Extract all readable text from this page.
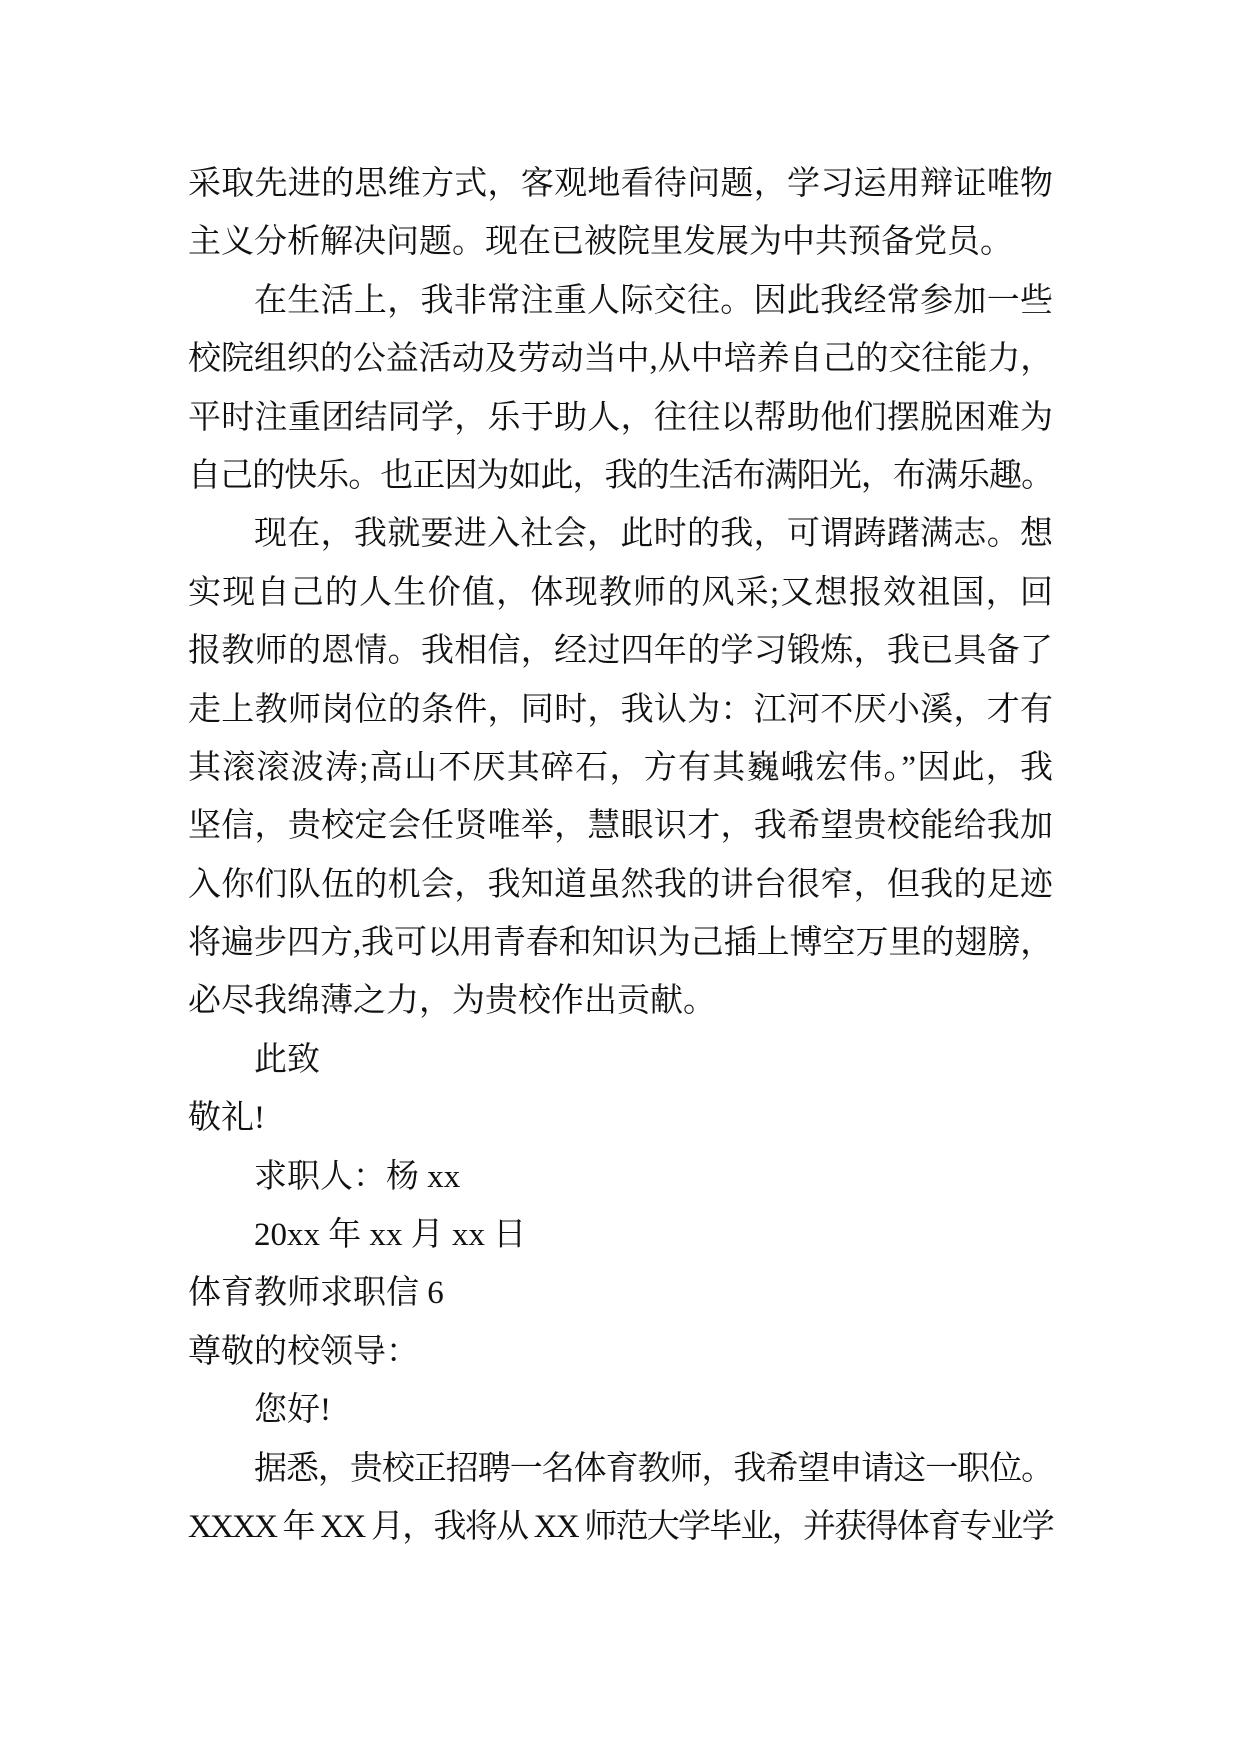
采取先进的思维方式，客观地看待问题，学习运用辩证唯物
主义分析解决问题。现在已被院里发展为中共预备党员。
在生活上，我非常注重人际交往。因此我经常参加一些
校院组织的公益活动及劳动当中,从中培养自己的交往能力，
平时注重团结同学，乐于助人，往往以帮助他们摆脱困难为
自己的快乐。也正因为如此，我的生活布满阳光，布满乐趣。
现在，我就要进入社会，此时的我，可谓踌躇满志。想
实现自己的人生价值，体现教师的风采;又想报效祖国，回
报教师的恩情。我相信，经过四年的学习锻炼，我已具备了
走上教师岗位的条件，同时，我认为：江河不厌小溪，才有
其滚滚波涛;高山不厌其碎石，方有其巍峨宏伟。”因此，我
坚信，贵校定会任贤唯举，慧眼识才，我希望贵校能给我加
入你们队伍的机会，我知道虽然我的讲台很窄，但我的足迹
将遍步四方,我可以用青春和知识为己插上博空万里的翅膀，
必尽我绵薄之力，为贵校作出贡献。
此致
敬礼!
求职人：杨 xx
20xx 年 xx 月 xx 日
体育教师求职信 6
尊敬的校领导：
您好!
据悉，贵校正招聘一名体育教师，我希望申请这一职位。
XXXX 年 XX 月，我将从 XX 师范大学毕业，并获得体育专业学
